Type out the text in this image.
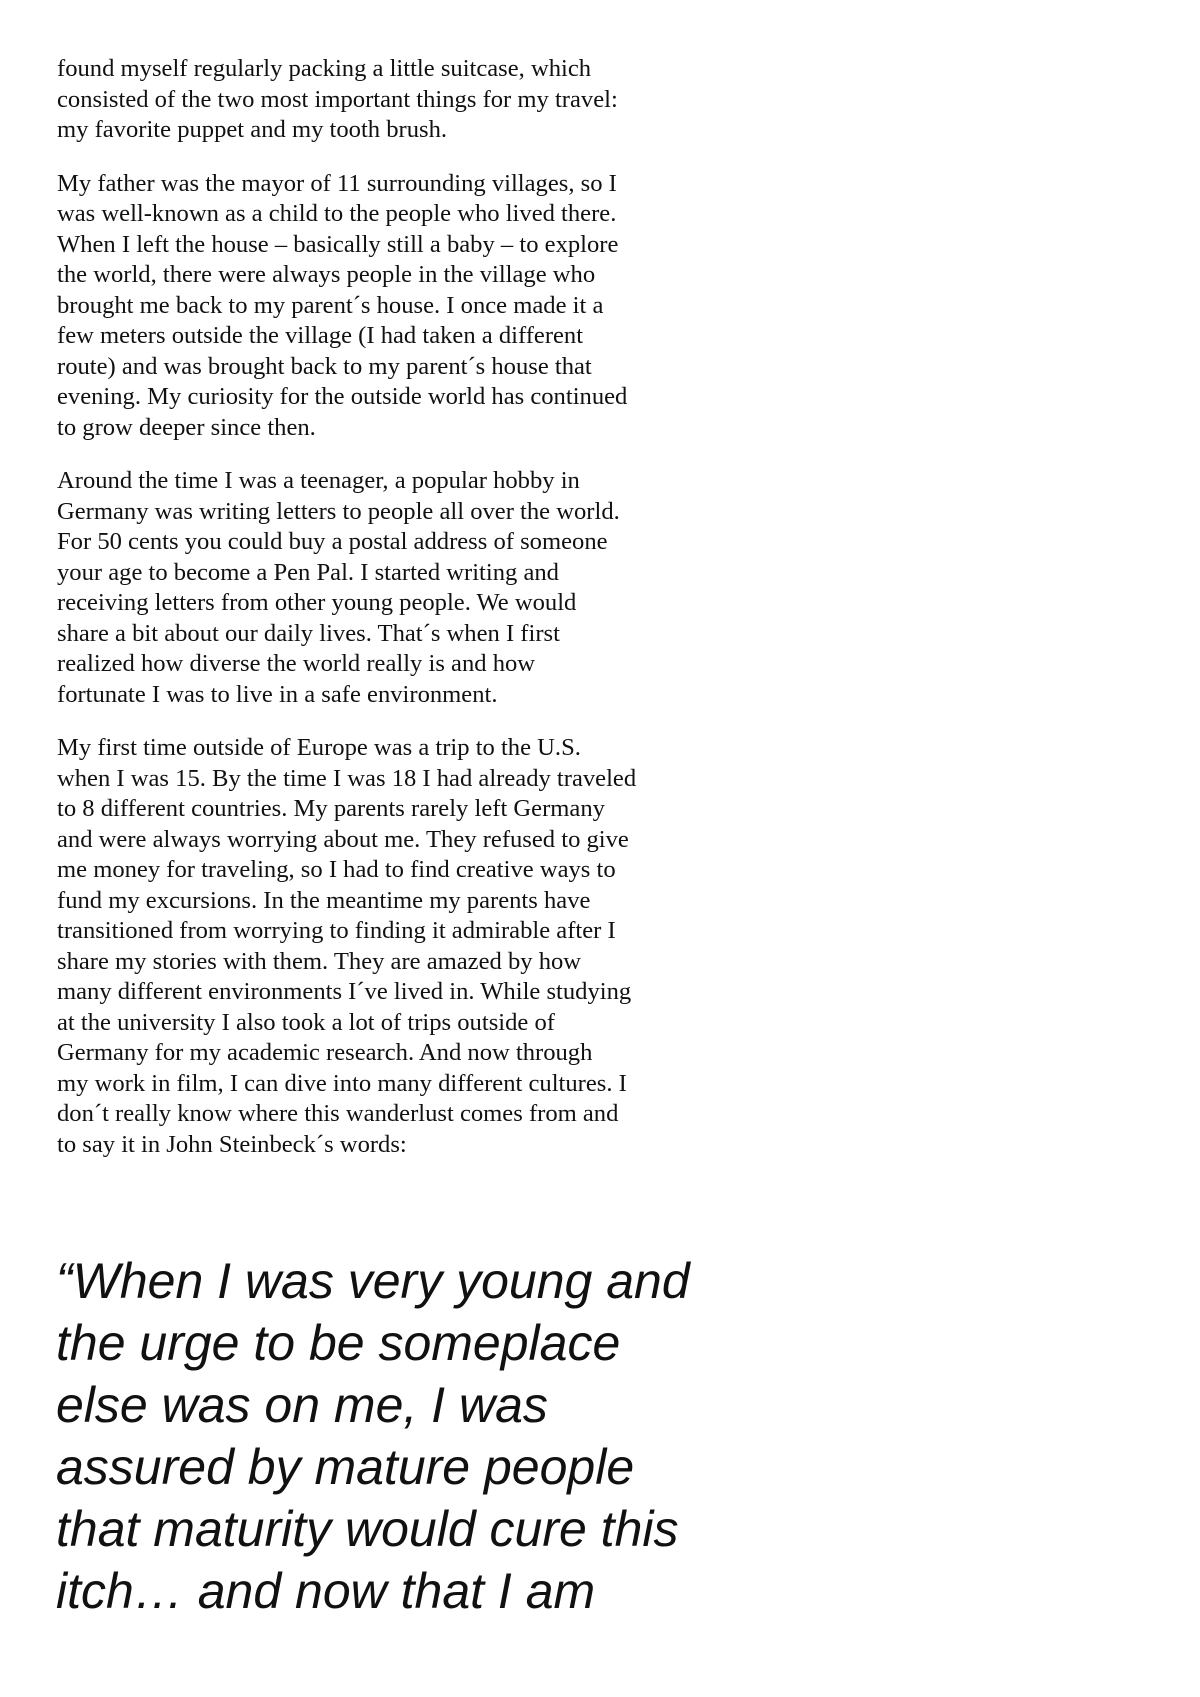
found myself regularly packing a little suitcase, which
consisted of the two most important things for my travel:
my favorite puppet and my tooth brush.

My father was the mayor of 11 surrounding villages, so I
was well-known as a child to the people who lived there.
When I left the house – basically still a baby – to explore
the world, there were always people in the village who
brought me back to my parent´s house. I once made it a
few meters outside the village (I had taken a different
route) and was brought back to my parent´s house that
evening. My curiosity for the outside world has continued
to grow deeper since then.

Around the time I was a teenager, a popular hobby in
Germany was writing letters to people all over the world.
For 50 cents you could buy a postal address of someone
your age to become a Pen Pal. I started writing and
receiving letters from other young people. We would
share a bit about our daily lives. That´s when I first
realized how diverse the world really is and how
fortunate I was to live in a safe environment.

My first time outside of Europe was a trip to the U.S.
when I was 15. By the time I was 18 I had already traveled
to 8 different countries. My parents rarely left Germany
and were always worrying about me. They refused to give
me money for traveling, so I had to find creative ways to
fund my excursions. In the meantime my parents have
transitioned from worrying to finding it admirable after I
share my stories with them. They are amazed by how
many different environments I´ve lived in. While studying
at the university I also took a lot of trips outside of
Germany for my academic research. And now through
my work in film, I can dive into many different cultures. I
don´t really know where this wanderlust comes from and
to say it in John Steinbeck´s words:

“When I was very young and
the urge to be someplace
else was on me, I was
assured by mature people
that maturity would cure this
itch… and now that I am
